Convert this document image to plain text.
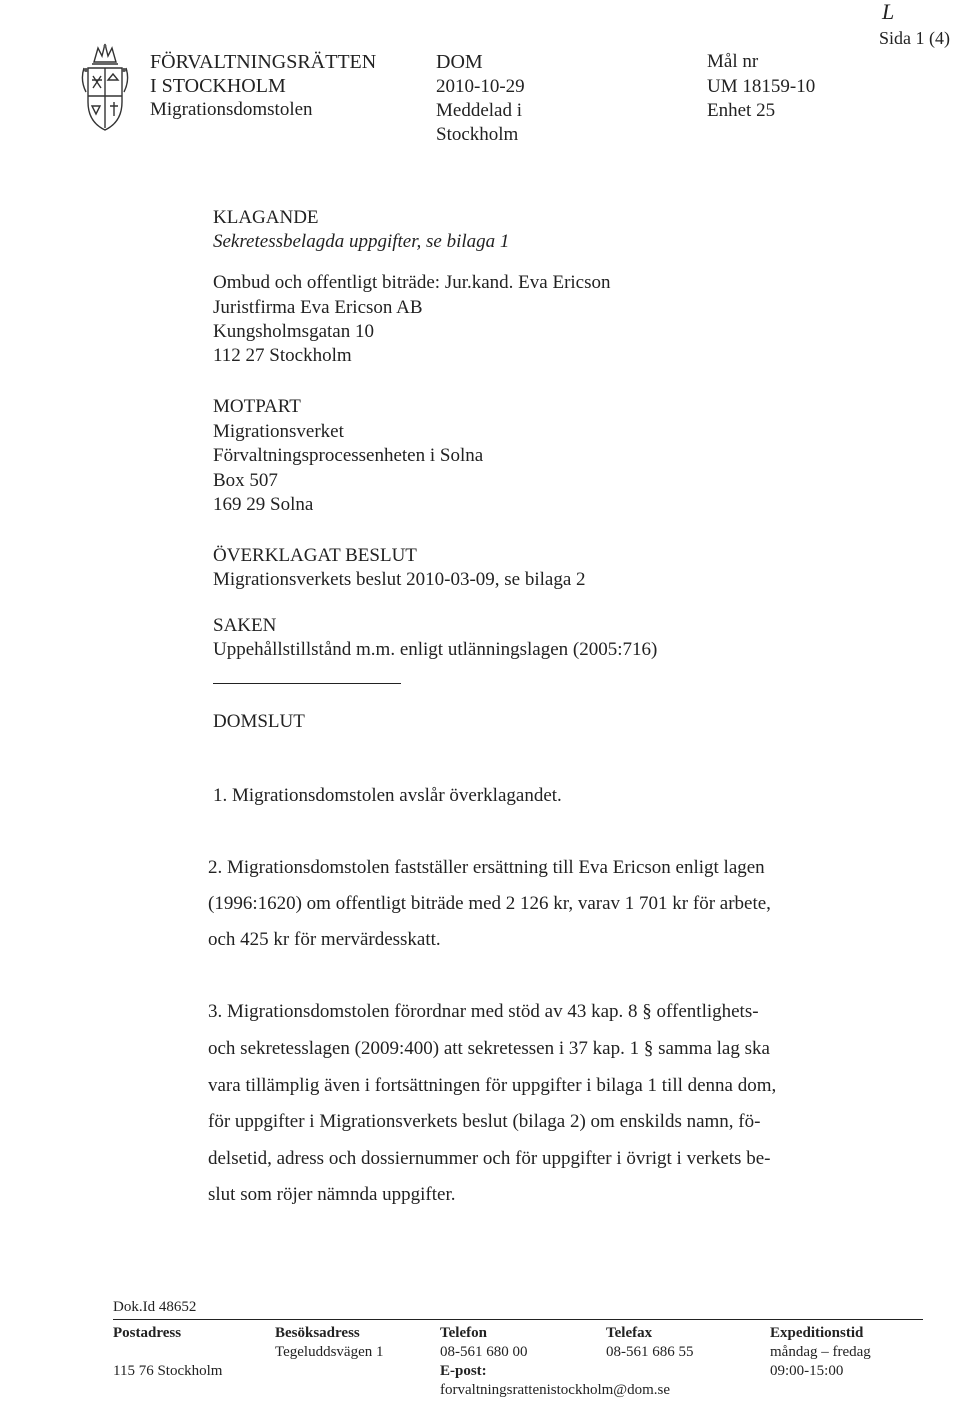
FÖRVALTNINGSRÄTTEN
I STOCKHOLM
Migrationsdomstolen
DOM
2010-10-29
Meddelad i
Stockholm
Mål nr
UM 18159-10
Enhet 25
L
Sida 1 (4)
KLAGANDE
Sekretessbelagda uppgifter, se bilaga 1
Ombud och offentligt biträde: Jur.kand. Eva Ericson
Juristfirma Eva Ericson AB
Kungsholmsgatan 10
112 27 Stockholm
MOTPART
Migrationsverket
Förvaltningsprocessenheten i Solna
Box 507
169 29 Solna
ÖVERKLAGAT BESLUT
Migrationsverkets beslut 2010-03-09, se bilaga 2
SAKEN
Uppehållstillstånd m.m. enligt utlänningslagen (2005:716)
DOMSLUT
1. Migrationsdomstolen avslår överklagandet.
2. Migrationsdomstolen fastställer ersättning till Eva Ericson enligt lagen
(1996:1620) om offentligt biträde med 2 126 kr, varav 1 701 kr för arbete,
och 425 kr för mervärdesskatt.
3. Migrationsdomstolen förordnar med stöd av 43 kap. 8 § offentlighets-
och sekretesslagen (2009:400) att sekretessen i 37 kap. 1 § samma lag ska
vara tillämplig även i fortsättningen för uppgifter i bilaga 1 till denna dom,
för uppgifter i Migrationsverkets beslut (bilaga 2) om enskilds namn, fö-
delsetid, adress och dossiernummer och för uppgifter i övrigt i verkets be-
slut som röjer nämnda uppgifter.
Dok.Id 48652
Postadress
115 76 Stockholm
Besöksadress
Tegeluddsvägen 1
Telefon
08-561 680 00
E-post:
forvaltningsrattenistockholm@dom.se
Telefax
08-561 686 55
Expeditionstid
måndag – fredag
09:00-15:00
